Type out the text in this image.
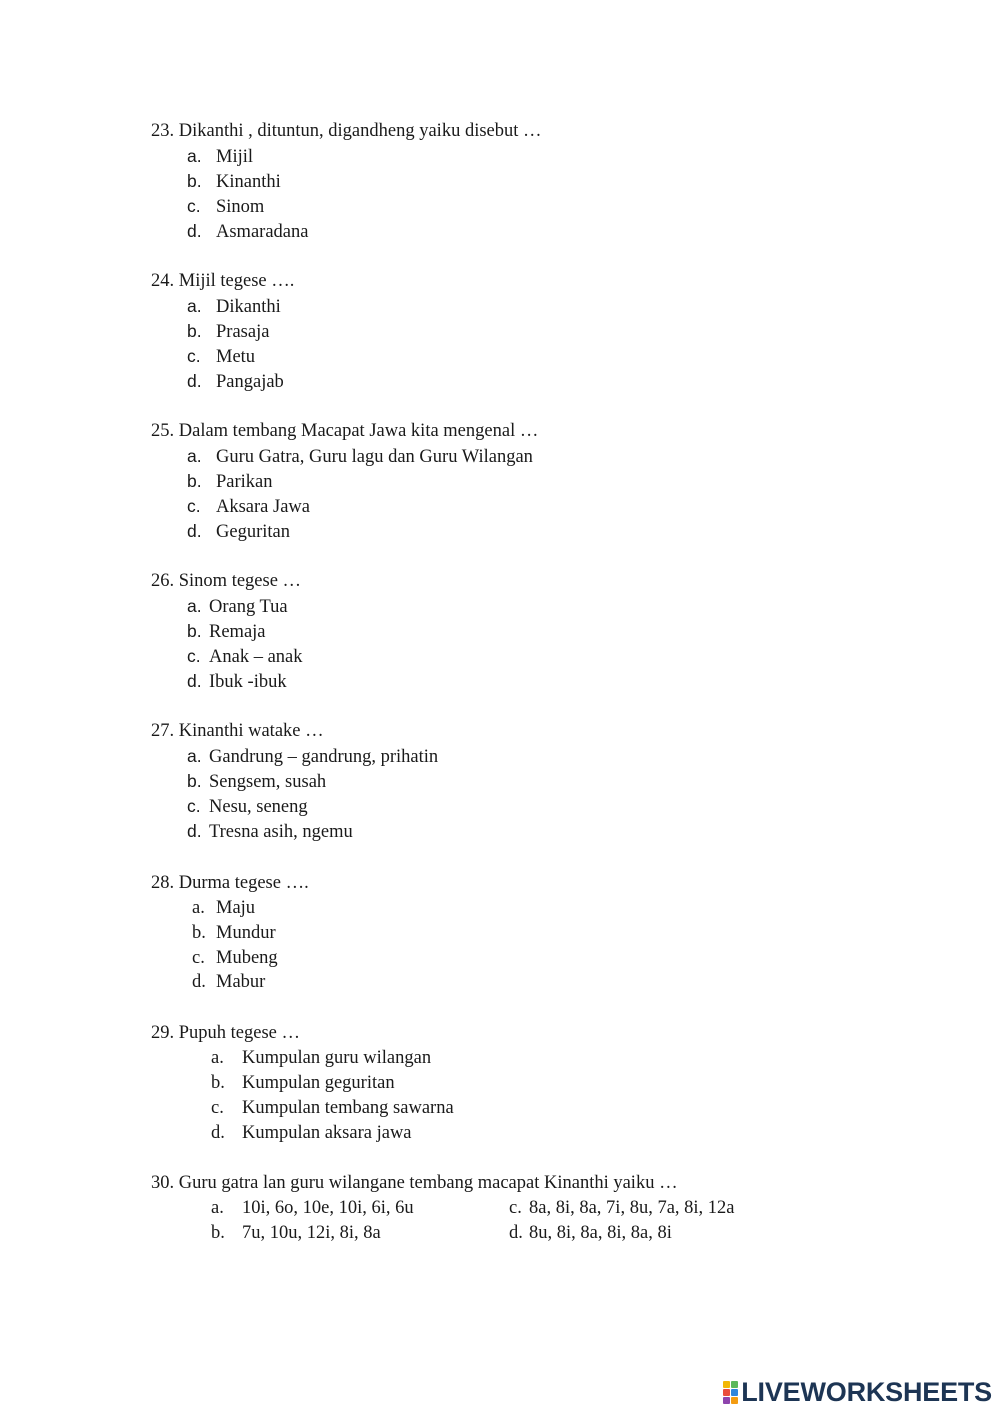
23. Dikanthi , dituntun, digandheng yaiku disebut …
a. Mijil
b. Kinanthi
c. Sinom
d. Asmaradana
24. Mijil tegese ….
a. Dikanthi
b. Prasaja
c. Metu
d. Pangajab
25. Dalam tembang Macapat Jawa kita mengenal …
a. Guru Gatra, Guru lagu dan Guru Wilangan
b. Parikan
c. Aksara Jawa
d. Geguritan
26. Sinom tegese …
a. Orang Tua
b. Remaja
c. Anak – anak
d. Ibuk -ibuk
27. Kinanthi watake …
a. Gandrung – gandrung, prihatin
b. Sengsem, susah
c. Nesu, seneng
d. Tresna asih, ngemu
28. Durma tegese ….
a. Maju
b. Mundur
c. Mubeng
d. Mabur
29. Pupuh tegese …
a. Kumpulan guru wilangan
b. Kumpulan geguritan
c. Kumpulan tembang sawarna
d. Kumpulan aksara jawa
30. Guru gatra lan guru wilangane tembang macapat Kinanthi yaiku …
a. 10i, 6o, 10e, 10i, 6i, 6u
b. 7u, 10u, 12i, 8i, 8a
c. 8a, 8i, 8a, 7i, 8u, 7a, 8i, 12a
d. 8u, 8i, 8a, 8i, 8a, 8i
LIVEWORKSHEETS
